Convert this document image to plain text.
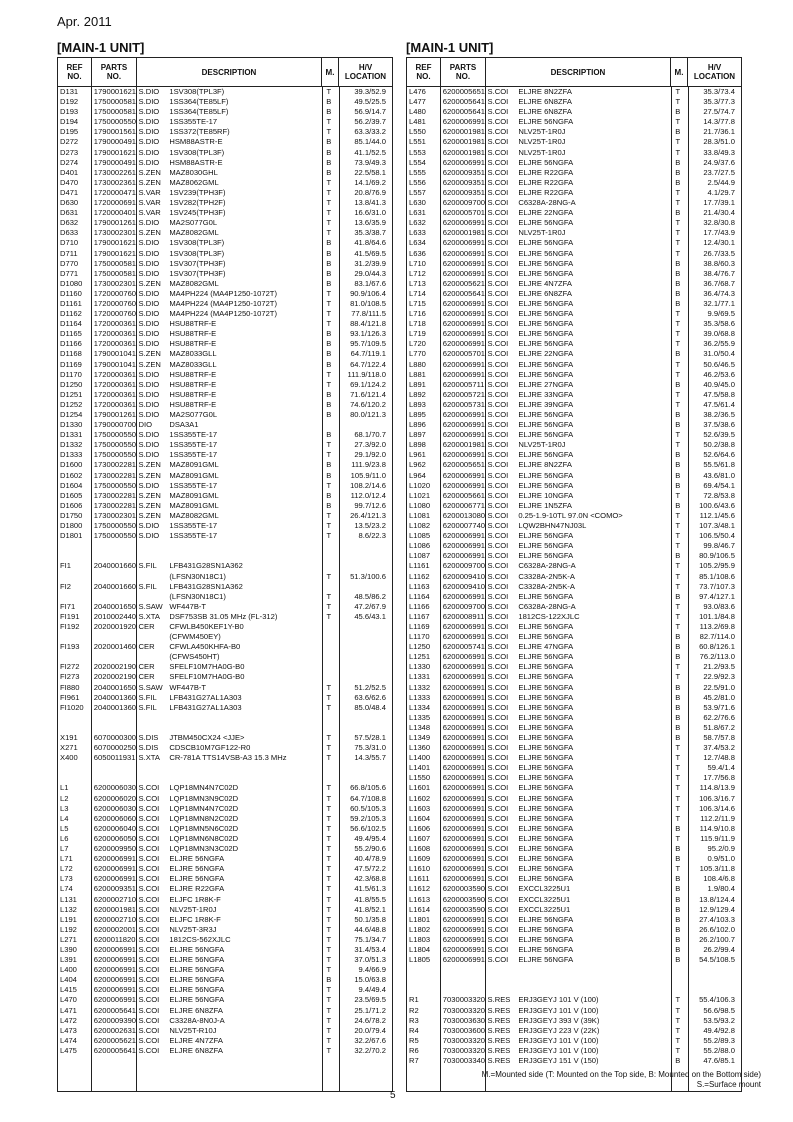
Apr. 2011
[MAIN-1 UNIT]	[MAIN-1 UNIT]
REF
NO.
PARTS
NO.	DESCRIPTION	M.	H/V
LOCATION
D131	1790001621 S.DIO	1SV308(TPL3F)	T	39.3/52.9
D192	1750000581 S.DIO	1SS364(TE85LF)	B	49.5/25.5
D193	1750000581 S.DIO	1SS364(TE85LF)	B	56.9/14.7
D194	1750000550 S.DIO	1SS355TE-17	T	56.2/39.7
D195	1790001561 S.DIO	1SS372(TE85RF)	T	63.3/33.2
D272	1790000491 S.DIO	HSM88ASTR-E	B	85.1/44.0
D273	1790001621 S.DIO	1SV308(TPL3F)	B	41.1/52.5
D274	1790000491 S.DIO	HSM88ASTR-E	B	73.9/49.3
D401	1730002261 S.ZEN	MAZ8030GHL	B	22.5/58.1
D470	1730002361 S.ZEN	MAZ8062GML	T	14.1/69.2
D471	1720000471 S.VAR	1SV239(TPH3F)	T	20.8/76.9
D630	1720000691 S.VAR	1SV282(TPH2F)	T	13.8/41.3
D631	1720000401 S.VAR	1SV245(TPH3F)	T	16.6/31.0
D632	1790001261 S.DIO	MA2S077G0L	T	13.6/35.9
D633	1730002301 S.ZEN	MAZ8082GML	T	35.3/38.7
D710	1790001621 S.DIO	1SV308(TPL3F)	B	41.8/64.6
D711	1790001621 S.DIO	1SV308(TPL3F)	B	41.5/69.5
D770	1750000581 S.DIO	1SV307(TPH3F)	B	31.2/39.9
D771	1750000581 S.DIO	1SV307(TPH3F)	B	29.0/44.3
D1080	1730002301 S.ZEN	MAZ8082GML	B	83.1/67.6
D1160	1720000760 S.DIO	MA4PH224 (MA4P1250-1072T)	T	90.9/106.4
D1161	1720000760 S.DIO	MA4PH224 (MA4P1250-1072T)	T	81.0/108.5
D1162	1720000760 S.DIO	MA4PH224 (MA4P1250-1072T)	T	77.8/111.5
D1164	1720000361 S.DIO	HSU88TRF-E	T	88.4/121.8
D1165	1720000361 S.DIO	HSU88TRF-E	B	93.1/126.3
D1166	1720000361 S.DIO	HSU88TRF-E	B	95.7/109.5
D1168	1790001041 S.ZEN	MAZ8033GLL	B	64.7/119.1
D1169	1790001041 S.ZEN	MAZ8033GLL	B	64.7/122.4
D1170	1720000361 S.DIO	HSU88TRF-E	T	111.9/118.0
D1250	1720000361 S.DIO	HSU88TRF-E	T	69.1/124.2
D1251	1720000361 S.DIO	HSU88TRF-E	B	71.6/121.4
D1252	1720000361 S.DIO	HSU88TRF-E	B	74.6/120.2
D1254	1790001261 S.DIO	MA2S077G0L	B	80.0/121.3
D1330	1790000700 DIO	DSA3A1
D1331	1750000550 S.DIO	1SS355TE-17	B	68.1/70.7
D1332	1750000550 S.DIO	1SS355TE-17	T	27.3/92.0
D1333	1750000550 S.DIO	1SS355TE-17	T	29.1/92.0
D1600	1730002281 S.ZEN	MAZ8091GML	B	111.9/23.8
D1602	1730002281 S.ZEN	MAZ8091GML	B	105.9/11.0
D1604	1750000550 S.DIO	1SS355TE-17	T	108.2/14.6
D1605	1730002281 S.ZEN	MAZ8091GML	B	112.0/12.4
D1606	1730002281 S.ZEN	MAZ8091GML	B	99.7/12.6
D1750	1730002301 S.ZEN	MAZ8082GML	T	26.4/121.3
D1800	1750000550 S.DIO	1SS355TE-17	T	13.5/23.2
D1801	1750000550 S.DIO	1SS355TE-17	T	8.6/22.3
FI1	2040001660 S.FIL	LFB431G28SN1A362
(LFSN30N18C1)	T	51.3/100.6
FI2	2040001660 S.FIL	LFB431G28SN1A362
(LFSN30N18C1)	T	48.5/86.2
FI71	2040001650 S.SAW WF447B-T	T	47.2/67.9
FI191	2010002440 S.XTA	DSF753SB 31.05 MHz (FL-312)	T	45.6/43.1
FI192	2020001920 CER	CFWLB450KEF1Y-B0
(CFWM450EY)
FI193	2020001460 CER	CFWLA450KHFA-B0
(CFWS450HT)
FI272	2020002190 CER	SFELF10M7HA0G-B0
FI273	2020002190 CER	SFELF10M7HA0G-B0
FI880	2040001650 S.SAW WF447B-T	T	51.2/52.5
FI961	2040001360 S.FIL	LFB431G27AL1A303	T	63.6/62.6
FI1020	2040001360 S.FIL	LFB431G27AL1A303	T	85.0/48.4
X191	6070000300 S.DIS	JTBM450CX24 <JJE>	T	57.5/28.1
X271	6070000250 S.DIS	CDSCB10M7GF122-R0	T	75.3/31.0
X400	6050011931 S.XTA	CR-781A TTS14VSB-A3 15.3 MHz	T	14.3/55.7
L1	6200006030 S.COI	LQP18MN4N7C02D	T	66.8/105.6
L2	6200006020 S.COI	LQP18MN3N9C02D	T	64.7/108.8
L3	6200006030 S.COI	LQP18MN4N7C02D	T	60.5/105.3
L4	6200006060 S.COI	LQP18MN8N2C02D	T	59.2/105.3
L5	6200006040 S.COI	LQP18MN5N6C02D	T	56.6/102.5
L6	6200006050 S.COI	LQP18MN6N8C02D	T	49.4/95.4
L7	6200009950 S.COI	LQP18MN3N3C02D	T	55.2/90.6
L71	6200006991 S.COI	ELJRE 56NGFA	T	40.4/78.9
L72	6200006991 S.COI	ELJRE 56NGFA	T	47.5/72.2
L73	6200006991 S.COI	ELJRE 56NGFA	T	42.3/68.8
L74	6200009351 S.COI	ELJRE R22GFA	T	41.5/61.3
L131	6200002710 S.COI	ELJFC 1R8K-F	T	41.8/55.5
L132	6200001981 S.COI	NLV25T-1R0J	T	41.8/52.1
L191	6200002710 S.COI	ELJFC 1R8K-F	T	50.1/35.8
L192	6200002001 S.COI	NLV25T-3R3J	T	44.6/48.8
L271	6200011820 S.COI	1812CS-562XJLC	T	75.1/34.7
L390	6200006991 S.COI	ELJRE 56NGFA	T	31.4/53.4
L391	6200006991 S.COI	ELJRE 56NGFA	T	37.0/51.3
L400	6200006991 S.COI	ELJRE 56NGFA	T	9.4/66.9
L404	6200006991 S.COI	ELJRE 56NGFA	B	15.0/63.8
L415	6200006991 S.COI	ELJRE 56NGFA	T	9.4/49.4
L470	6200006991 S.COI	ELJRE 56NGFA	T	23.5/69.5
L471	6200005641 S.COI	ELJRE 6N8ZFA	T	25.1/71.2
L472	6200009390 S.COI	C3328A-8N0J-A	T	24.6/78.2
L473	6200002631 S.COI	NLV25T-R10J	T	20.0/79.4
L474	6200005621 S.COI	ELJRE 4N7ZFA	T	32.2/67.6
L475	6200005641 S.COI	ELJRE 6N8ZFA	T	32.2/70.2
REF
NO.
PARTS
NO.	DESCRIPTION	M.	H/V
LOCATION
L476	6200005651 S.COI	ELJRE 8N2ZFA	T	35.3/73.4
L477	6200005641 S.COI	ELJRE 6N8ZFA	T	35.3/77.3
L480	6200005641 S.COI	ELJRE 6N8ZFA	B	27.5/74.7
L481	6200006991 S.COI	ELJRE 56NGFA	T	14.3/77.8
L550	6200001981 S.COI	NLV25T-1R0J	B	21.7/36.1
L551	6200001981 S.COI	NLV25T-1R0J	T	28.3/51.0
L553	6200001981 S.COI	NLV25T-1R0J	T	33.8/49.3
L554	6200006991 S.COI	ELJRE 56NGFA	B	24.9/37.6
L555	6200009351 S.COI	ELJRE R22GFA	B	23.7/27.5
L556	6200009351 S.COI	ELJRE R22GFA	B	2.5/44.9
L557	6200009351 S.COI	ELJRE R22GFA	T	4.1/29.7
L630	6200009700 S.COI	C6328A-28NG-A	T	17.7/39.1
L631	6200005701 S.COI	ELJRE 22NGFA	B	21.4/30.4
L632	6200006991 S.COI	ELJRE 56NGFA	T	32.8/30.8
L633	6200001981 S.COI	NLV25T-1R0J	T	17.7/43.9
L634	6200006991 S.COI	ELJRE 56NGFA	T	12.4/30.1
L636	6200006991 S.COI	ELJRE 56NGFA	T	26.7/33.5
L710	6200006991 S.COI	ELJRE 56NGFA	B	38.8/60.3
L712	6200006991 S.COI	ELJRE 56NGFA	B	38.4/76.7
L713	6200005621 S.COI	ELJRE 4N7ZFA	B	36.7/68.7
L714	6200005641 S.COI	ELJRE 6N8ZFA	B	36.4/74.3
L715	6200006991 S.COI	ELJRE 56NGFA	B	32.1/77.1
L716	6200006991 S.COI	ELJRE 56NGFA	T	9.9/69.5
L718	6200006991 S.COI	ELJRE 56NGFA	T	35.3/58.6
L719	6200006991 S.COI	ELJRE 56NGFA	T	39.0/68.8
L720	6200006991 S.COI	ELJRE 56NGFA	T	36.2/55.9
L770	6200005701 S.COI	ELJRE 22NGFA	B	31.0/50.4
L880	6200006991 S.COI	ELJRE 56NGFA	T	50.6/46.5
L881	6200006991 S.COI	ELJRE 56NGFA	T	46.2/53.6
L891	6200005711 S.COI	ELJRE 27NGFA	B	40.9/45.0
L892	6200005721 S.COI	ELJRE 33NGFA	T	47.5/58.8
L893	6200005731 S.COI	ELJRE 39NGFA	T	47.5/61.4
L895	6200006991 S.COI	ELJRE 56NGFA	B	38.2/36.5
L896	6200006991 S.COI	ELJRE 56NGFA	B	37.5/38.6
L897	6200006991 S.COI	ELJRE 56NGFA	T	52.6/39.5
L898	6200001981 S.COI	NLV25T-1R0J	T	50.2/38.8
L961	6200006991 S.COI	ELJRE 56NGFA	B	52.6/64.6
L962	6200005651 S.COI	ELJRE 8N2ZFA	B	55.5/61.8
L964	6200006991 S.COI	ELJRE 56NGFA	B	43.6/81.0
L1020	6200006991 S.COI	ELJRE 56NGFA	B	69.4/54.1
L1021	6200005661 S.COI	ELJRE 10NGFA	T	72.8/53.8
L1080	6200006771 S.COI	ELJRE 1N5ZFA	B	100.6/43.6
L1081	6200013080 S.COI	0.25-1.9-10TL 97.0N <COMO>	T	112.1/45.6
L1082	6200007740 S.COI	LQW2BHN47NJ03L	T	107.3/48.1
L1085	6200006991 S.COI	ELJRE 56NGFA	T	106.5/50.4
L1086	6200006991 S.COI	ELJRE 56NGFA	T	99.8/46.7
L1087	6200006991 S.COI	ELJRE 56NGFA	B	80.9/106.5
L1161	6200009700 S.COI	C6328A-28NG-A	T	105.2/95.9
L1162	6200009410 S.COI	C3328A-2N5K-A	T	85.1/108.6
L1163	6200009410 S.COI	C3328A-2N5K-A	T	73.7/107.3
L1164	6200006991 S.COI	ELJRE 56NGFA	B	97.4/127.1
L1166	6200009700 S.COI	C6328A-28NG-A	T	93.0/83.6
L1167	6200008911 S.COI	1812CS-122XJLC	T	101.1/84.8
L1169	6200006991 S.COI	ELJRE 56NGFA	T	113.2/69.8
L1170	6200006991 S.COI	ELJRE 56NGFA	B	82.7/114.0
L1250	6200005741 S.COI	ELJRE 47NGFA	B	60.8/126.1
L1251	6200006991 S.COI	ELJRE 56NGFA	B	76.2/113.0
L1330	6200006991 S.COI	ELJRE 56NGFA	T	21.2/93.5
L1331	6200006991 S.COI	ELJRE 56NGFA	T	22.9/92.3
L1332	6200006991 S.COI	ELJRE 56NGFA	B	22.5/91.0
L1333	6200006991 S.COI	ELJRE 56NGFA	B	45.2/81.0
L1334	6200006991 S.COI	ELJRE 56NGFA	B	53.9/71.6
L1335	6200006991 S.COI	ELJRE 56NGFA	B	62.2/76.6
L1348	6200006991 S.COI	ELJRE 56NGFA	B	51.8/67.2
L1349	6200006991 S.COI	ELJRE 56NGFA	B	58.7/57.8
L1360	6200006991 S.COI	ELJRE 56NGFA	T	37.4/53.2
L1400	6200006991 S.COI	ELJRE 56NGFA	T	12.7/48.8
L1401	6200006991 S.COI	ELJRE 56NGFA	T	59.4/1.4
L1550	6200006991 S.COI	ELJRE 56NGFA	T	17.7/56.8
L1601	6200006991 S.COI	ELJRE 56NGFA	T	114.8/13.9
L1602	6200006991 S.COI	ELJRE 56NGFA	T	106.3/16.7
L1603	6200006991 S.COI	ELJRE 56NGFA	T	106.3/14.6
L1604	6200006991 S.COI	ELJRE 56NGFA	T	112.2/11.9
L1606	6200006991 S.COI	ELJRE 56NGFA	B	114.9/10.8
L1607	6200006991 S.COI	ELJRE 56NGFA	T	115.9/11.9
L1608	6200006991 S.COI	ELJRE 56NGFA	B	95.2/0.9
L1609	6200006991 S.COI	ELJRE 56NGFA	B	0.9/51.0
L1610	6200006991 S.COI	ELJRE 56NGFA	T	105.3/11.8
L1611	6200006991 S.COI	ELJRE 56NGFA	B	108.4/6.8
L1612	6200003590 S.COI	EXCCL3225U1	B	1.9/80.4
L1613	6200003590 S.COI	EXCCL3225U1	B	13.8/124.4
L1614	6200003590 S.COI	EXCCL3225U1	B	12.9/129.4
L1801	6200006991 S.COI	ELJRE 56NGFA	B	27.4/103.3
L1802	6200006991 S.COI	ELJRE 56NGFA	B	26.6/102.0
L1803	6200006991 S.COI	ELJRE 56NGFA	B	26.2/100.7
L1804	6200006991 S.COI	ELJRE 56NGFA	B	26.2/99.4
L1805	6200006991 S.COI	ELJRE 56NGFA	B	54.5/108.5
R1	7030003320 S.RES	ERJ3GEYJ 101 V (100)	T	55.4/106.3
R2	7030003320 S.RES	ERJ3GEYJ 101 V (100)	T	56.6/98.5
R3	7030003630 S.RES	ERJ3GEYJ 393 V (39K)	T	53.5/93.2
R4	7030003600 S.RES	ERJ3GEYJ 223 V (22K)	T	49.4/92.8
R5	7030003320 S.RES	ERJ3GEYJ 101 V (100)	T	55.2/89.3
R6	7030003320 S.RES	ERJ3GEYJ 101 V (100)	T	55.2/88.0
R7	7030003340 S.RES	ERJ3GEYJ 151 V (150)	B	47.6/85.1
M.=Mounted side (T: Mounted on the Top side, B: Mounted on the Bottom side)
S.=Surface mount
5
